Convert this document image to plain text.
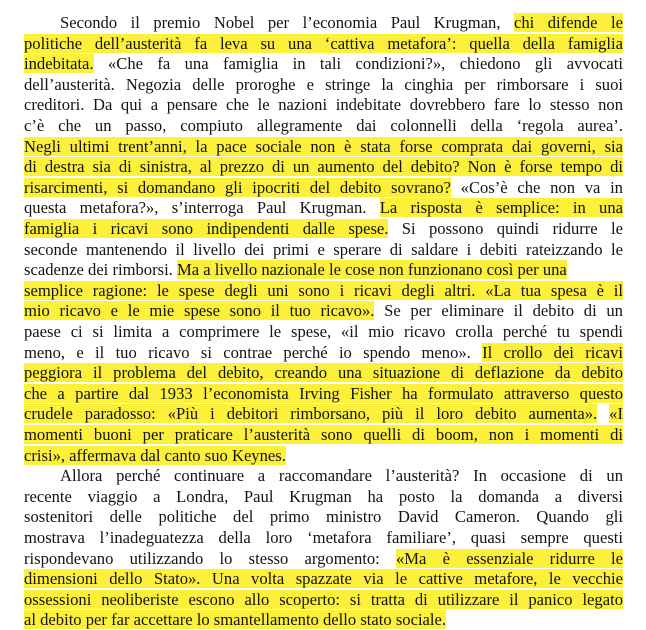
Secondo il premio Nobel per l’economia Paul Krugman, chi difende le
politiche dell’austerità fa leva su una ‘cattiva metafora’: quella della famiglia
indebitata. «Che fa una famiglia in tali condizioni?», chiedono gli avvocati
dell’austerità. Negozia delle proroghe e stringe la cinghia per rimborsare i suoi
creditori. Da qui a pensare che le nazioni indebitate dovrebbero fare lo stesso non
c’è che un passo, compiuto allegramente dai colonnelli della ‘regola aurea’.
Negli ultimi trent’anni, la pace sociale non è stata forse comprata dai governi, sia
di destra sia di sinistra, al prezzo di un aumento del debito? Non è forse tempo di
risarcimenti, si domandano gli ipocriti del debito sovrano? «Cos’è che non va in
questa metafora?», s’interroga Paul Krugman. La risposta è semplice: in una
famiglia i ricavi sono indipendenti dalle spese. Si possono quindi ridurre le
seconde mantenendo il livello dei primi e sperare di saldare i debiti rateizzando le
scadenze dei rimborsi. Ma a livello nazionale le cose non funzionano così per una
semplice ragione: le spese degli uni sono i ricavi degli altri. «La tua spesa è il
mio ricavo e le mie spese sono il tuo ricavo». Se per eliminare il debito di un
paese ci si limita a comprimere le spese, «il mio ricavo crolla perché tu spendi
meno, e il tuo ricavo si contrae perché io spendo meno». Il crollo dei ricavi
peggiora il problema del debito, creando una situazione di deflazione da debito
che a partire dal 1933 l’economista Irving Fisher ha formulato attraverso questo
crudele paradosso: «Più i debitori rimborsano, più il loro debito aumenta». «I
momenti buoni per praticare l’austerità sono quelli di boom, non i momenti di
crisi», affermava dal canto suo Keynes.
Allora perché continuare a raccomandare l’austerità? In occasione di un
recente viaggio a Londra, Paul Krugman ha posto la domanda a diversi
sostenitori delle politiche del primo ministro David Cameron. Quando gli
mostrava l’inadeguatezza della loro ‘metafora familiare’, quasi sempre questi
rispondevano utilizzando lo stesso argomento: «Ma è essenziale ridurre le
dimensioni dello Stato». Una volta spazzate via le cattive metafore, le vecchie
ossessioni neoliberiste escono allo scoperto: si tratta di utilizzare il panico legato
al debito per far accettare lo smantellamento dello stato sociale.
